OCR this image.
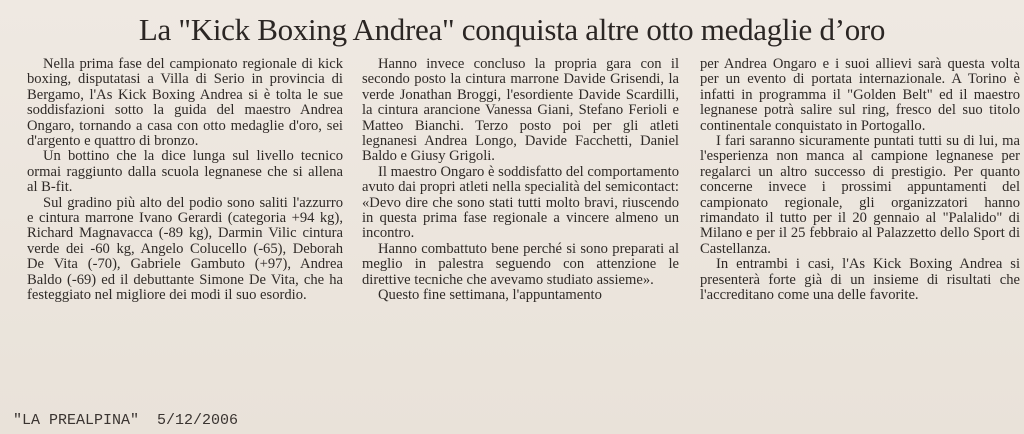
La "Kick Boxing Andrea" conquista altre otto medaglie d’oro

Nella prima fase del campionato regionale di kick boxing, disputatasi a Villa di Serio in provincia di Bergamo, l'As Kick Boxing Andrea si è tolta le sue soddisfazioni sotto la guida del maestro Andrea Ongaro, tornando a casa con otto medaglie d'oro, sei d'argento e quattro di bronzo.

Un bottino che la dice lunga sul livello tecnico ormai raggiunto dalla scuola legnanese che si allena al B-fit.

Sul gradino più alto del podio sono saliti l'azzurro e cintura marrone Ivano Gerardi (categoria +94 kg), Richard Magnavacca (-89 kg), Darmin Vilic cintura verde dei -60 kg, Angelo Colucello (-65), Deborah De Vita (-70), Gabriele Gambuto (+97), Andrea Baldo (-69) ed il debuttante Simone De Vita, che ha festeggiato nel migliore dei modi il suo esordio.

Hanno invece concluso la propria gara con il secondo posto la cintura marrone Davide Grisendi, la verde Jonathan Broggi, l'esordiente Davide Scardilli, la cintura arancione Vanessa Giani, Stefano Ferioli e Matteo Bianchi. Terzo posto poi per gli atleti legnanesi Andrea Longo, Davide Facchetti, Daniel Baldo e Giusy Grigoli.

Il maestro Ongaro è soddisfatto del comportamento avuto dai propri atleti nella specialità del semicontact: «Devo dire che sono stati tutti molto bravi, riuscendo in questa prima fase regionale a vincere almeno un incontro.

Hanno combattuto bene perché si sono preparati al meglio in palestra seguendo con attenzione le direttive tecniche che avevamo studiato assieme».

Questo fine settimana, l'appuntamento

per Andrea Ongaro e i suoi allievi sarà questa volta per un evento di portata internazionale. A Torino è infatti in programma il "Golden Belt" ed il maestro legnanese potrà salire sul ring, fresco del suo titolo continentale conquistato in Portogallo.

I fari saranno sicuramente puntati tutti su di lui, ma l'esperienza non manca al campione legnanese per regalarci un altro successo di prestigio. Per quanto concerne invece i prossimi appuntamenti del campionato regionale, gli organizzatori hanno rimandato il tutto per il 20 gennaio al "Palalido" di Milano e per il 25 febbraio al Palazzetto dello Sport di Castellanza.

In entrambi i casi, l'As Kick Boxing Andrea si presenterà forte già di un insieme di risultati che l'accreditano come una delle favorite.

"LA PREALPINA" 5/12/2006
